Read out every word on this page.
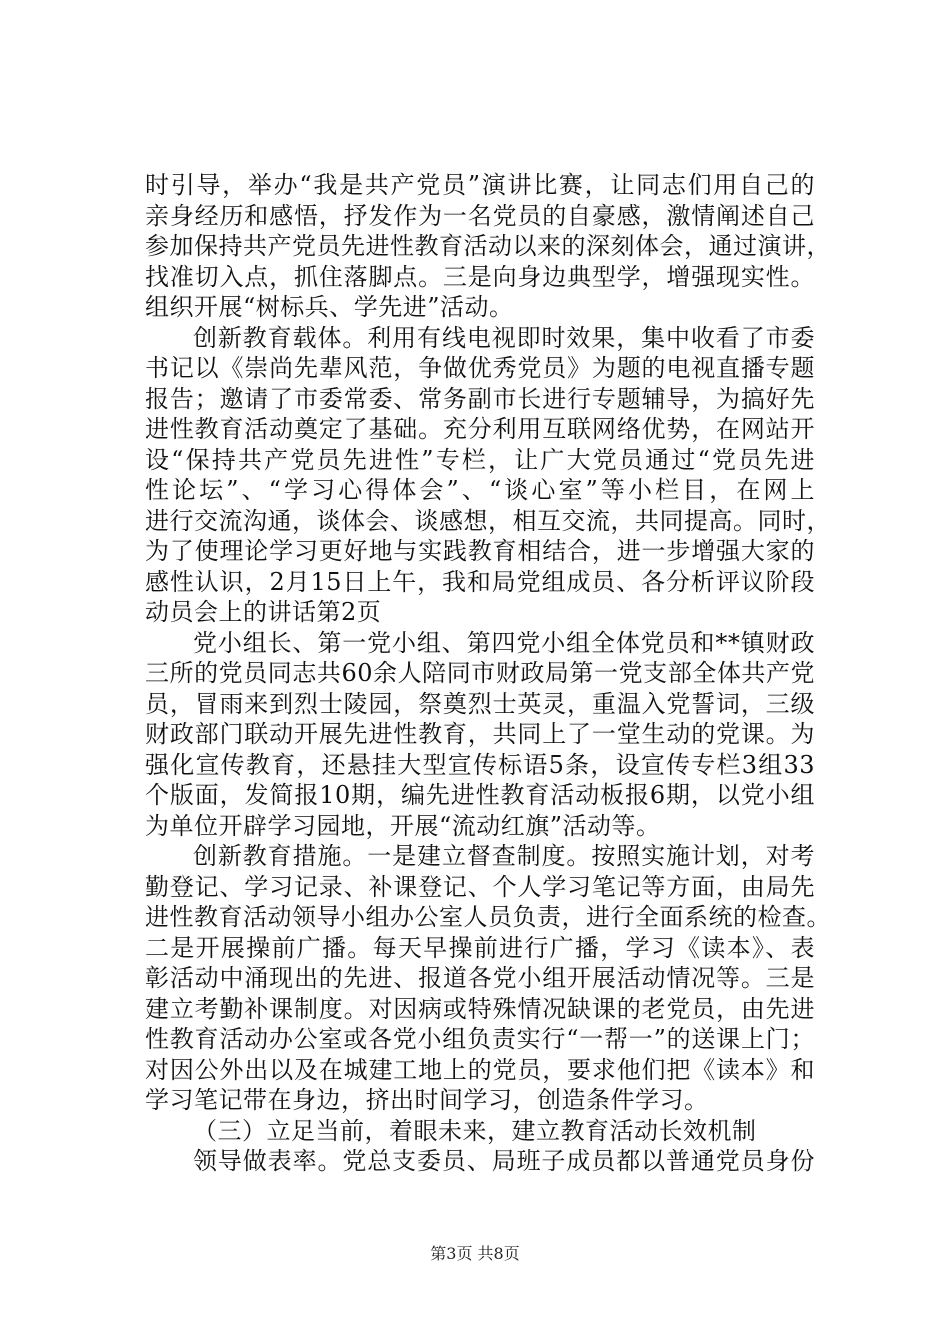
时引导，举办“我是共产党员”演讲比赛，让同志们用自己的
亲身经历和感悟，抒发作为一名党员的自豪感，激情阐述自己
参加保持共产党员先进性教育活动以来的深刻体会，通过演讲，
找准切入点，抓住落脚点。三是向身边典型学，增强现实性。
组织开展“树标兵、学先进”活动。
创新教育载体。利用有线电视即时效果，集中收看了市委
书记以《崇尚先辈风范，争做优秀党员》为题的电视直播专题
报告；邀请了市委常委、常务副市长进行专题辅导，为搞好先
进性教育活动奠定了基础。充分利用互联网络优势，在网站开
设“保持共产党员先进性”专栏，让广大党员通过“党员先进
性论坛”、“学习心得体会”、“谈心室”等小栏目，在网上
进行交流沟通，谈体会、谈感想，相互交流，共同提高。同时，
为了使理论学习更好地与实践教育相结合，进一步增强大家的
感性认识，2月15日上午，我和局党组成员、各分析评议阶段
动员会上的讲话第2页
党小组长、第一党小组、第四党小组全体党员和**镇财政
三所的党员同志共60余人陪同市财政局第一党支部全体共产党
员，冒雨来到烈士陵园，祭奠烈士英灵，重温入党誓词，三级
财政部门联动开展先进性教育，共同上了一堂生动的党课。为
强化宣传教育，还悬挂大型宣传标语5条，设宣传专栏3组33
个版面，发简报10期，编先进性教育活动板报6期，以党小组
为单位开辟学习园地，开展“流动红旗”活动等。
创新教育措施。一是建立督查制度。按照实施计划，对考
勤登记、学习记录、补课登记、个人学习笔记等方面，由局先
进性教育活动领导小组办公室人员负责，进行全面系统的检查。
二是开展操前广播。每天早操前进行广播，学习《读本》、表
彰活动中涌现出的先进、报道各党小组开展活动情况等。三是
建立考勤补课制度。对因病或特殊情况缺课的老党员，由先进
性教育活动办公室或各党小组负责实行“一帮一”的送课上门；
对因公外出以及在城建工地上的党员，要求他们把《读本》和
学习笔记带在身边，挤出时间学习，创造条件学习。
（三）立足当前，着眼未来，建立教育活动长效机制
领导做表率。党总支委员、局班子成员都以普通党员身份
第3页 共8页
